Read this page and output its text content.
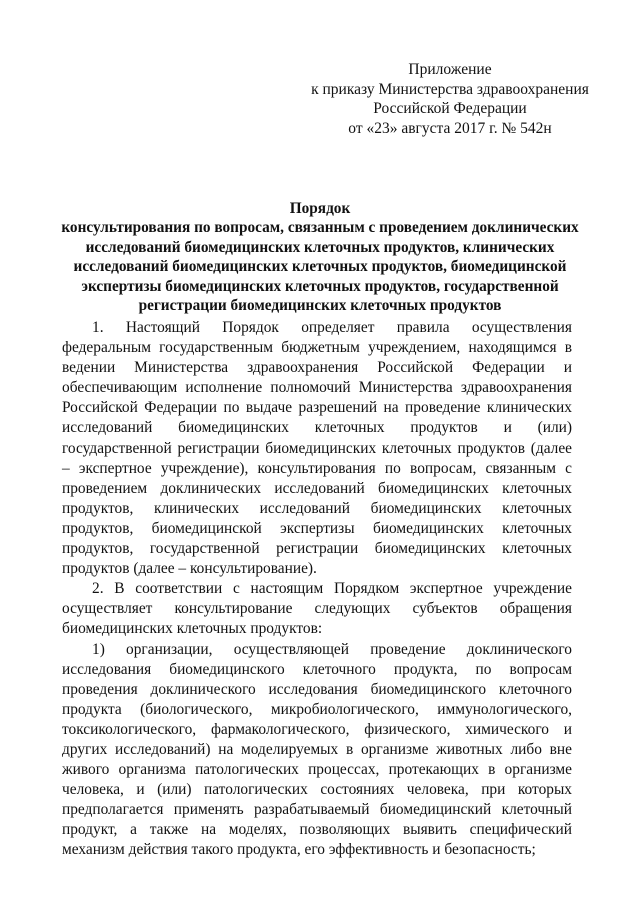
Приложение
к приказу Министерства здравоохранения
Российской Федерации
от «23» августа 2017 г. № 542н
Порядок
консультирования по вопросам, связанным с проведением доклинических
исследований биомедицинских клеточных продуктов, клинических
исследований биомедицинских клеточных продуктов, биомедицинской
экспертизы биомедицинских клеточных продуктов, государственной
регистрации биомедицинских клеточных продуктов

1. Настоящий Порядок определяет правила осуществления федеральным государственным бюджетным учреждением, находящимся в ведении Министерства здравоохранения Российской Федерации и обеспечивающим исполнение полномочий Министерства здравоохранения Российской Федерации по выдаче разрешений на проведение клинических исследований биомедицинских клеточных продуктов и (или) государственной регистрации биомедицинских клеточных продуктов (далее – экспертное учреждение), консультирования по вопросам, связанным с проведением доклинических исследований биомедицинских клеточных продуктов, клинических исследований биомедицинских клеточных продуктов, биомедицинской экспертизы биомедицинских клеточных продуктов, государственной регистрации биомедицинских клеточных продуктов (далее – консультирование).

2. В соответствии с настоящим Порядком экспертное учреждение осуществляет консультирование следующих субъектов обращения биомедицинских клеточных продуктов:

1) организации, осуществляющей проведение доклинического исследования биомедицинского клеточного продукта, по вопросам проведения доклинического исследования биомедицинского клеточного продукта (биологического, микробиологического, иммунологического, токсикологического, фармакологического, физического, химического и других исследований) на моделируемых в организме животных либо вне живого организма патологических процессах, протекающих в организме человека, и (или) патологических состояниях человека, при которых предполагается применять разрабатываемый биомедицинский клеточный продукт, а также на моделях, позволяющих выявить специфический механизм действия такого продукта, его эффективность и безопасность;
